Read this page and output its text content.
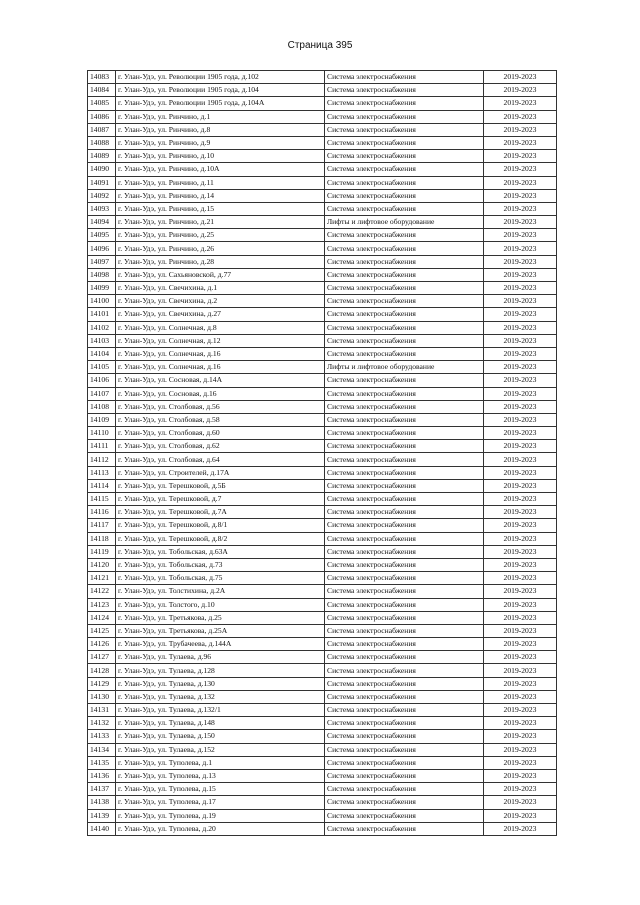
Страница 395
14083	г. Улан-Удэ, ул. Революции 1905 года, д.102	Система электроснабжения	2019-2023
14084	г. Улан-Удэ, ул. Революции 1905 года, д.104	Система электроснабжения	2019-2023
14085	г. Улан-Удэ, ул. Революции 1905 года, д.104А	Система электроснабжения	2019-2023
14086	г. Улан-Удэ, ул. Ринчино, д.1	Система электроснабжения	2019-2023
14087	г. Улан-Удэ, ул. Ринчино, д.8	Система электроснабжения	2019-2023
14088	г. Улан-Удэ, ул. Ринчино, д.9	Система электроснабжения	2019-2023
14089	г. Улан-Удэ, ул. Ринчино, д.10	Система электроснабжения	2019-2023
14090	г. Улан-Удэ, ул. Ринчино, д.10А	Система электроснабжения	2019-2023
14091	г. Улан-Удэ, ул. Ринчино, д.11	Система электроснабжения	2019-2023
14092	г. Улан-Удэ, ул. Ринчино, д.14	Система электроснабжения	2019-2023
14093	г. Улан-Удэ, ул. Ринчино, д.15	Система электроснабжения	2019-2023
14094	г. Улан-Удэ, ул. Ринчино, д.21	Лифты и лифтовое оборудование	2019-2023
14095	г. Улан-Удэ, ул. Ринчино, д.25	Система электроснабжения	2019-2023
14096	г. Улан-Удэ, ул. Ринчино, д.26	Система электроснабжения	2019-2023
14097	г. Улан-Удэ, ул. Ринчино, д.28	Система электроснабжения	2019-2023
14098	г. Улан-Удэ, ул. Сахьяновской, д.77	Система электроснабжения	2019-2023
14099	г. Улан-Удэ, ул. Свечихина, д.1	Система электроснабжения	2019-2023
14100	г. Улан-Удэ, ул. Свечихина, д.2	Система электроснабжения	2019-2023
14101	г. Улан-Удэ, ул. Свечихина, д.27	Система электроснабжения	2019-2023
14102	г. Улан-Удэ, ул. Солнечная, д.8	Система электроснабжения	2019-2023
14103	г. Улан-Удэ, ул. Солнечная, д.12	Система электроснабжения	2019-2023
14104	г. Улан-Удэ, ул. Солнечная, д.16	Система электроснабжения	2019-2023
14105	г. Улан-Удэ, ул. Солнечная, д.16	Лифты и лифтовое оборудование	2019-2023
14106	г. Улан-Удэ, ул. Сосновая, д.14А	Система электроснабжения	2019-2023
14107	г. Улан-Удэ, ул. Сосновая, д.16	Система электроснабжения	2019-2023
14108	г. Улан-Удэ, ул. Столбовая, д.56	Система электроснабжения	2019-2023
14109	г. Улан-Удэ, ул. Столбовая, д.58	Система электроснабжения	2019-2023
14110	г. Улан-Удэ, ул. Столбовая, д.60	Система электроснабжения	2019-2023
14111	г. Улан-Удэ, ул. Столбовая, д.62	Система электроснабжения	2019-2023
14112	г. Улан-Удэ, ул. Столбовая, д.64	Система электроснабжения	2019-2023
14113	г. Улан-Удэ, ул. Строителей, д.17А	Система электроснабжения	2019-2023
14114	г. Улан-Удэ, ул. Терешковой, д.5Б	Система электроснабжения	2019-2023
14115	г. Улан-Удэ, ул. Терешковой, д.7	Система электроснабжения	2019-2023
14116	г. Улан-Удэ, ул. Терешковой, д.7А	Система электроснабжения	2019-2023
14117	г. Улан-Удэ, ул. Терешковой, д.8/1	Система электроснабжения	2019-2023
14118	г. Улан-Удэ, ул. Терешковой, д.8/2	Система электроснабжения	2019-2023
14119	г. Улан-Удэ, ул. Тобольская, д.63А	Система электроснабжения	2019-2023
14120	г. Улан-Удэ, ул. Тобольская, д.73	Система электроснабжения	2019-2023
14121	г. Улан-Удэ, ул. Тобольская, д.75	Система электроснабжения	2019-2023
14122	г. Улан-Удэ, ул. Толстихина, д.2А	Система электроснабжения	2019-2023
14123	г. Улан-Удэ, ул. Толстого, д.10	Система электроснабжения	2019-2023
14124	г. Улан-Удэ, ул. Третьякова, д.25	Система электроснабжения	2019-2023
14125	г. Улан-Удэ, ул. Третьякова, д.25А	Система электроснабжения	2019-2023
14126	г. Улан-Удэ, ул. Трубачеева, д.144А	Система электроснабжения	2019-2023
14127	г. Улан-Удэ, ул. Тулаева, д.96	Система электроснабжения	2019-2023
14128	г. Улан-Удэ, ул. Тулаева, д.128	Система электроснабжения	2019-2023
14129	г. Улан-Удэ, ул. Тулаева, д.130	Система электроснабжения	2019-2023
14130	г. Улан-Удэ, ул. Тулаева, д.132	Система электроснабжения	2019-2023
14131	г. Улан-Удэ, ул. Тулаева, д.132/1	Система электроснабжения	2019-2023
14132	г. Улан-Удэ, ул. Тулаева, д.148	Система электроснабжения	2019-2023
14133	г. Улан-Удэ, ул. Тулаева, д.150	Система электроснабжения	2019-2023
14134	г. Улан-Удэ, ул. Тулаева, д.152	Система электроснабжения	2019-2023
14135	г. Улан-Удэ, ул. Туполева, д.1	Система электроснабжения	2019-2023
14136	г. Улан-Удэ, ул. Туполева, д.13	Система электроснабжения	2019-2023
14137	г. Улан-Удэ, ул. Туполева, д.15	Система электроснабжения	2019-2023
14138	г. Улан-Удэ, ул. Туполева, д.17	Система электроснабжения	2019-2023
14139	г. Улан-Удэ, ул. Туполева, д.19	Система электроснабжения	2019-2023
14140	г. Улан-Удэ, ул. Туполева, д.20	Система электроснабжения	2019-2023
